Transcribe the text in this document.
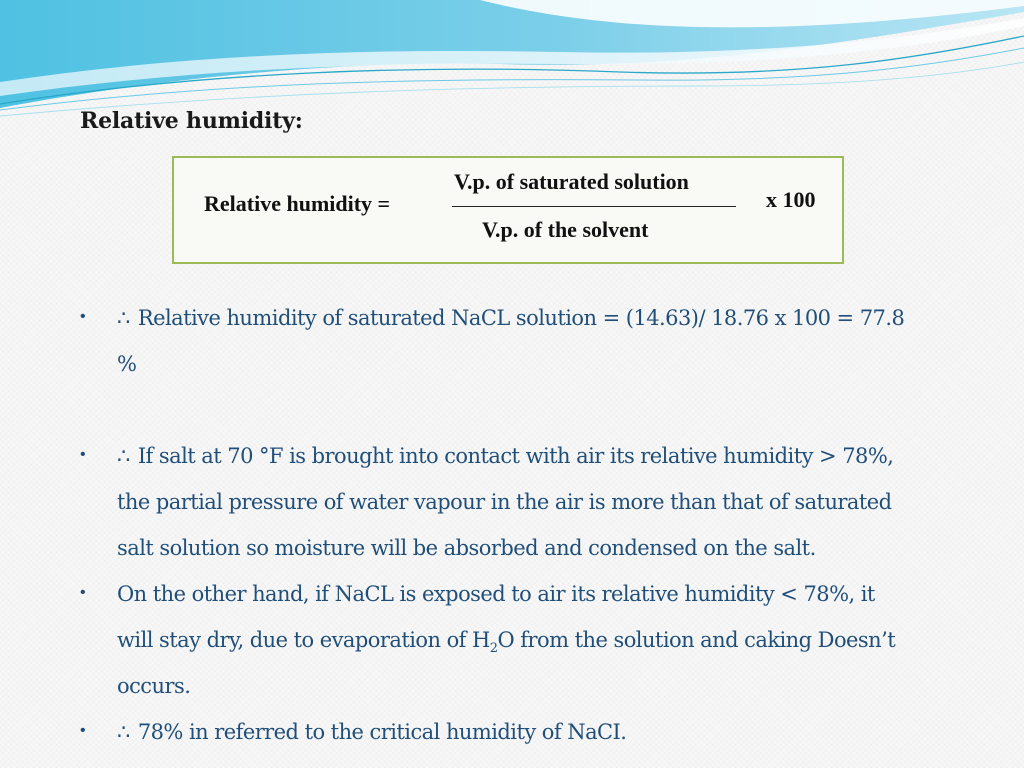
Relative humidity:
Relative humidity =
V.p. of saturated solution
V.p. of the solvent
x 100
• ∴ Relative humidity of saturated NaCL solution = (14.63)/ 18.76 x 100 = 77.8
%
• ∴ If salt at 70 °F is brought into contact with air its relative humidity > 78%,
the partial pressure of water vapour in the air is more than that of saturated
salt solution so moisture will be absorbed and condensed on the salt.
• On the other hand, if NaCL is exposed to air its relative humidity < 78%, it
will stay dry, due to evaporation of $H_2O$ from the solution and caking Doesn’t
occurs.
• ∴ 78% in referred to the critical humidity of NaCI.
